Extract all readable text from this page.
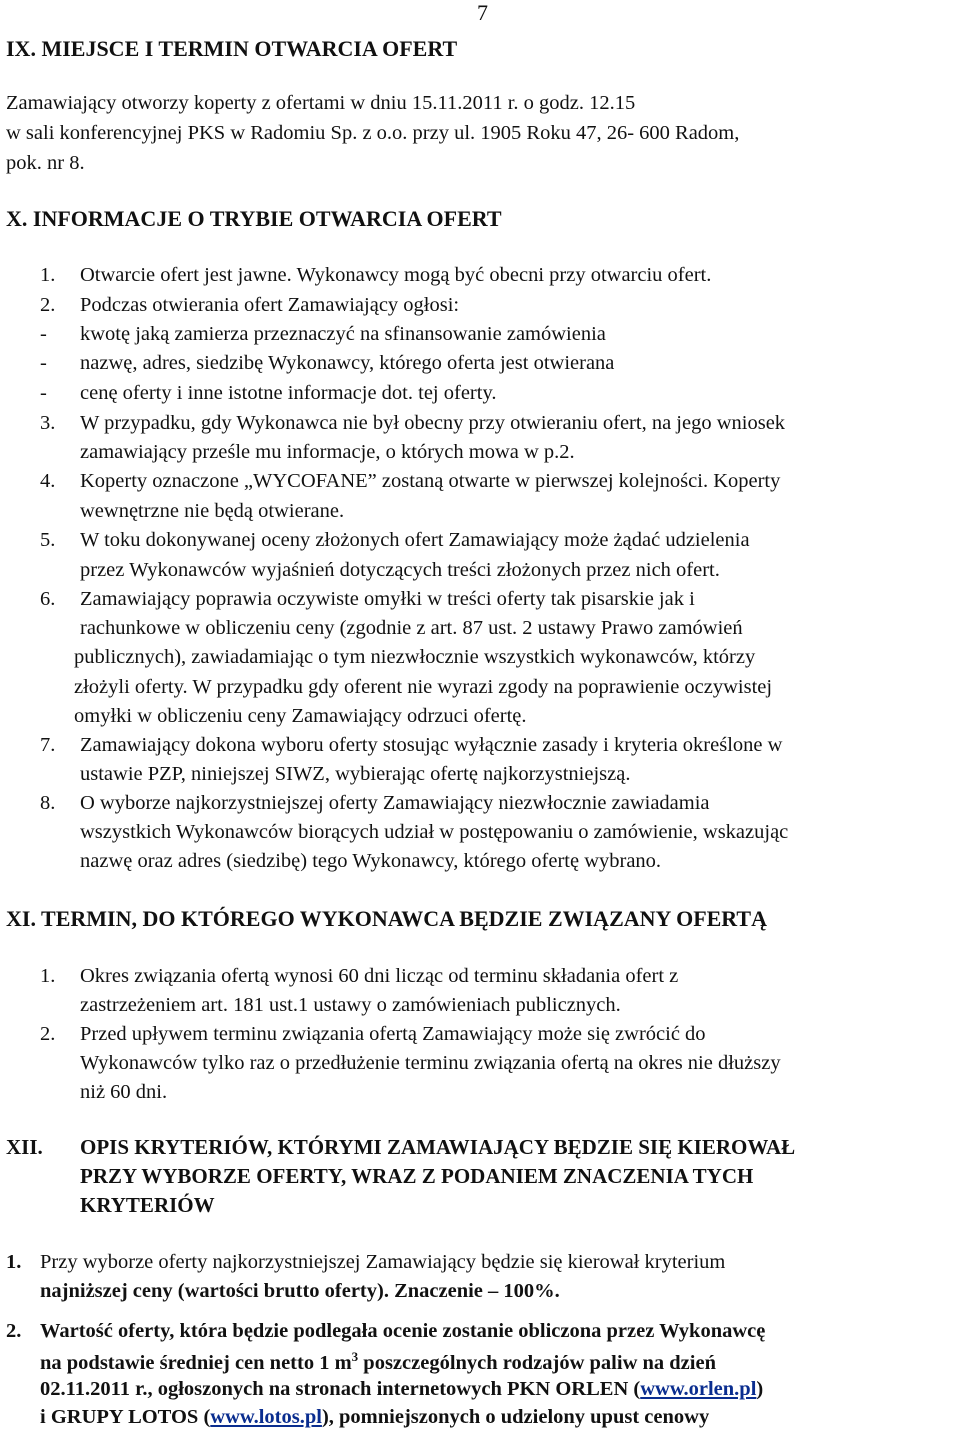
7
IX. MIEJSCE I TERMIN OTWARCIA OFERT
Zamawiający otworzy koperty z ofertami w dniu 15.11.2011 r. o godz. 12.15
w sali konferencyjnej PKS w Radomiu Sp. z o.o. przy ul. 1905 Roku 47, 26- 600 Radom,
pok. nr 8.
X. INFORMACJE O TRYBIE OTWARCIA OFERT
1. Otwarcie ofert jest jawne. Wykonawcy mogą być obecni przy otwarciu ofert.
2. Podczas otwierania ofert Zamawiający ogłosi:
- kwotę jaką zamierza przeznaczyć na sfinansowanie zamówienia
- nazwę, adres, siedzibę Wykonawcy, którego oferta jest otwierana
- cenę oferty i inne istotne informacje dot. tej oferty.
3. W przypadku, gdy Wykonawca nie był obecny przy otwieraniu ofert, na jego wniosek
zamawiający prześle mu informacje, o których mowa w p.2.
4. Koperty oznaczone „WYCOFANE” zostaną otwarte w pierwszej kolejności. Koperty
wewnętrzne nie będą otwierane.
5. W toku dokonywanej oceny złożonych ofert Zamawiający może żądać udzielenia
przez Wykonawców wyjaśnień dotyczących treści złożonych przez nich ofert.
6. Zamawiający poprawia oczywiste omyłki w treści oferty tak pisarskie jak i
rachunkowe w obliczeniu ceny (zgodnie z art. 87 ust. 2 ustawy Prawo zamówień
publicznych), zawiadamiając o tym niezwłocznie wszystkich wykonawców, którzy
złożyli oferty. W przypadku gdy oferent nie wyrazi zgody na poprawienie oczywistej
omyłki w obliczeniu ceny Zamawiający odrzuci ofertę.
7. Zamawiający dokona wyboru oferty stosując wyłącznie zasady i kryteria określone w
ustawie PZP, niniejszej SIWZ, wybierając ofertę najkorzystniejszą.
8. O wyborze najkorzystniejszej oferty Zamawiający niezwłocznie zawiadamia
wszystkich Wykonawców biorących udział w postępowaniu o zamówienie, wskazując
nazwę oraz adres (siedzibę) tego Wykonawcy, którego ofertę wybrano.
XI. TERMIN, DO KTÓREGO WYKONAWCA BĘDZIE ZWIĄZANY OFERTĄ
1. Okres związania ofertą wynosi 60 dni licząc od terminu składania ofert z
zastrzeżeniem art. 181 ust.1 ustawy o zamówieniach publicznych.
2. Przed upływem terminu związania ofertą Zamawiający może się zwrócić do
Wykonawców tylko raz o przedłużenie terminu związania ofertą na okres nie dłuższy
niż 60 dni.
XII. OPIS KRYTERIÓW, KTÓRYMI ZAMAWIAJĄCY BĘDZIE SIĘ KIEROWAŁ
PRZY WYBORZE OFERTY, WRAZ Z PODANIEM ZNACZENIA TYCH
KRYTERIÓW
1. Przy wyborze oferty najkorzystniejszej Zamawiający będzie się kierował kryterium
najniższej ceny (wartości brutto oferty). Znaczenie – 100%.
2. Wartość oferty, która będzie podlegała ocenie zostanie obliczona przez Wykonawcę
na podstawie średniej cen netto 1 $m^3$ poszczególnych rodzajów paliw na dzień
02.11.2011 r., ogłoszonych na stronach internetowych PKN ORLEN (www.orlen.pl)
i GRUPY LOTOS (www.lotos.pl), pomniejszonych o udzielony upust cenowy
